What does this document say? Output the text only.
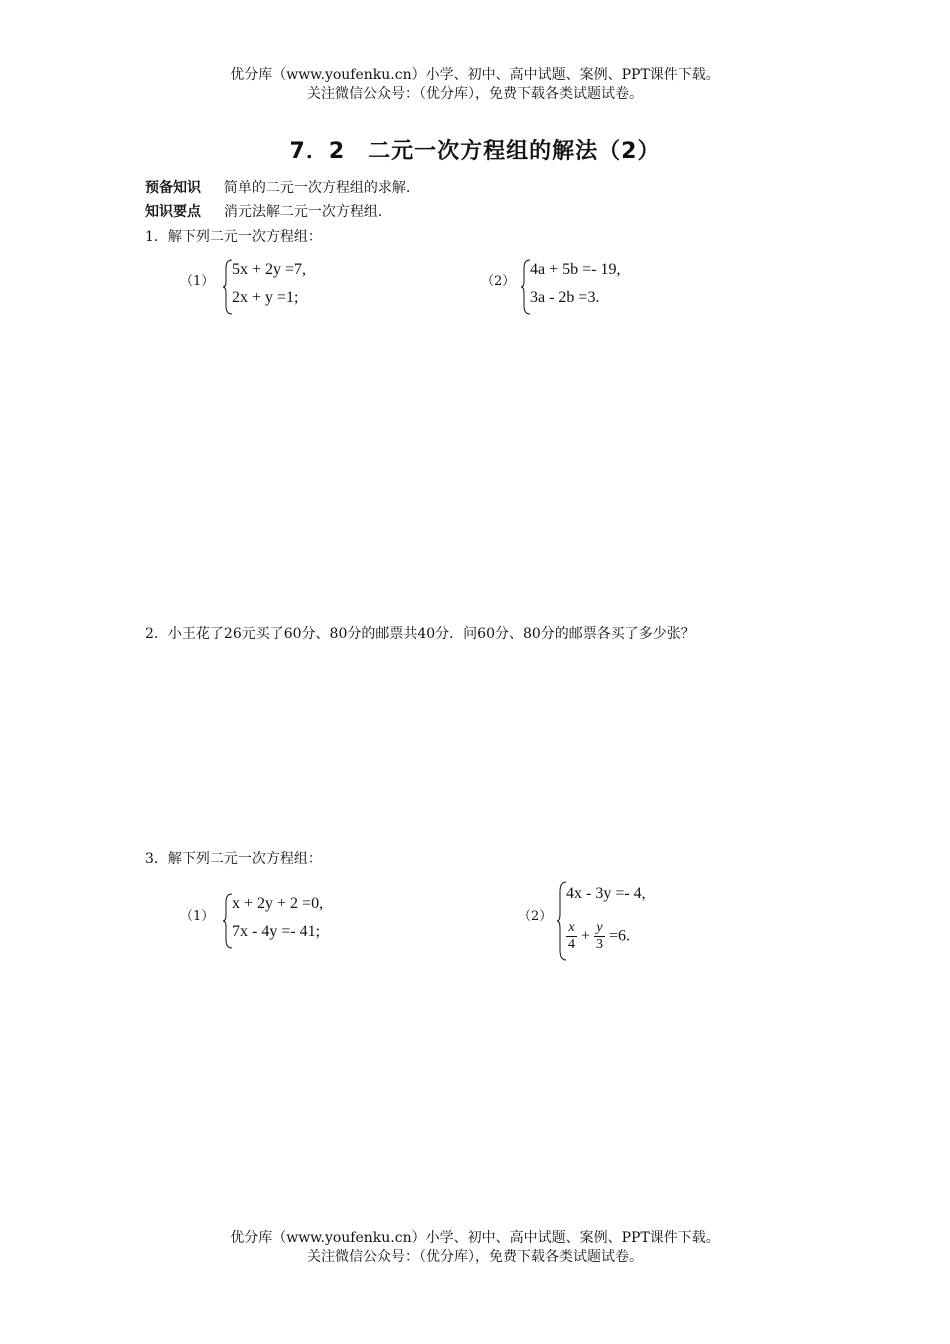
优分库（www.youfenku.cn）小学、初中、高中试题、案例、PPT课件下载。
关注微信公众号：（优分库），免费下载各类试题试卷。
7．2　二元一次方程组的解法（2）
预备知识 简单的二元一次方程组的求解.
知识要点 消元法解二元一次方程组.
1．解下列二元一次方程组：
（1）
5x + 2y =7,
2x + y =1;
（2）
4a + 5b =- 19,
3a - 2b =3.
2．小王花了26元买了60分、80分的邮票共40分．问60分、80分的邮票各买了多少张？
3．解下列二元一次方程组：
（1）
x + 2y + 2 =0,
7x - 4y =- 41;
（2）
4x - 3y =- 4,
$\frac{x}{4} + \frac{y}{3} =6$.
优分库（www.youfenku.cn）小学、初中、高中试题、案例、PPT课件下载。
关注微信公众号：（优分库），免费下载各类试题试卷。
